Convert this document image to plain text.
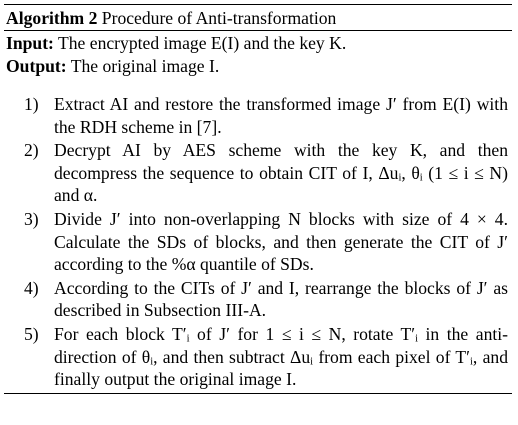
Algorithm 2 Procedure of Anti-transformation
Input: The encrypted image E(I) and the key K.
Output: The original image I.
1) Extract AI and restore the transformed image J′ from E(I) with the RDH scheme in [7].
2) Decrypt AI by AES scheme with the key K, and then decompress the sequence to obtain CIT of I, Δuᵢ, θᵢ (1 ≤ i ≤ N) and α.
3) Divide J′ into non-overlapping N blocks with size of 4 × 4. Calculate the SDs of blocks, and then generate the CIT of J′ according to the %α quantile of SDs.
4) According to the CITs of J′ and I, rearrange the blocks of J′ as described in Subsection III-A.
5) For each block T′ᵢ of J′ for 1 ≤ i ≤ N, rotate T′ᵢ in the anti-direction of θᵢ, and then subtract Δuᵢ from each pixel of T′ᵢ, and finally output the original image I.
